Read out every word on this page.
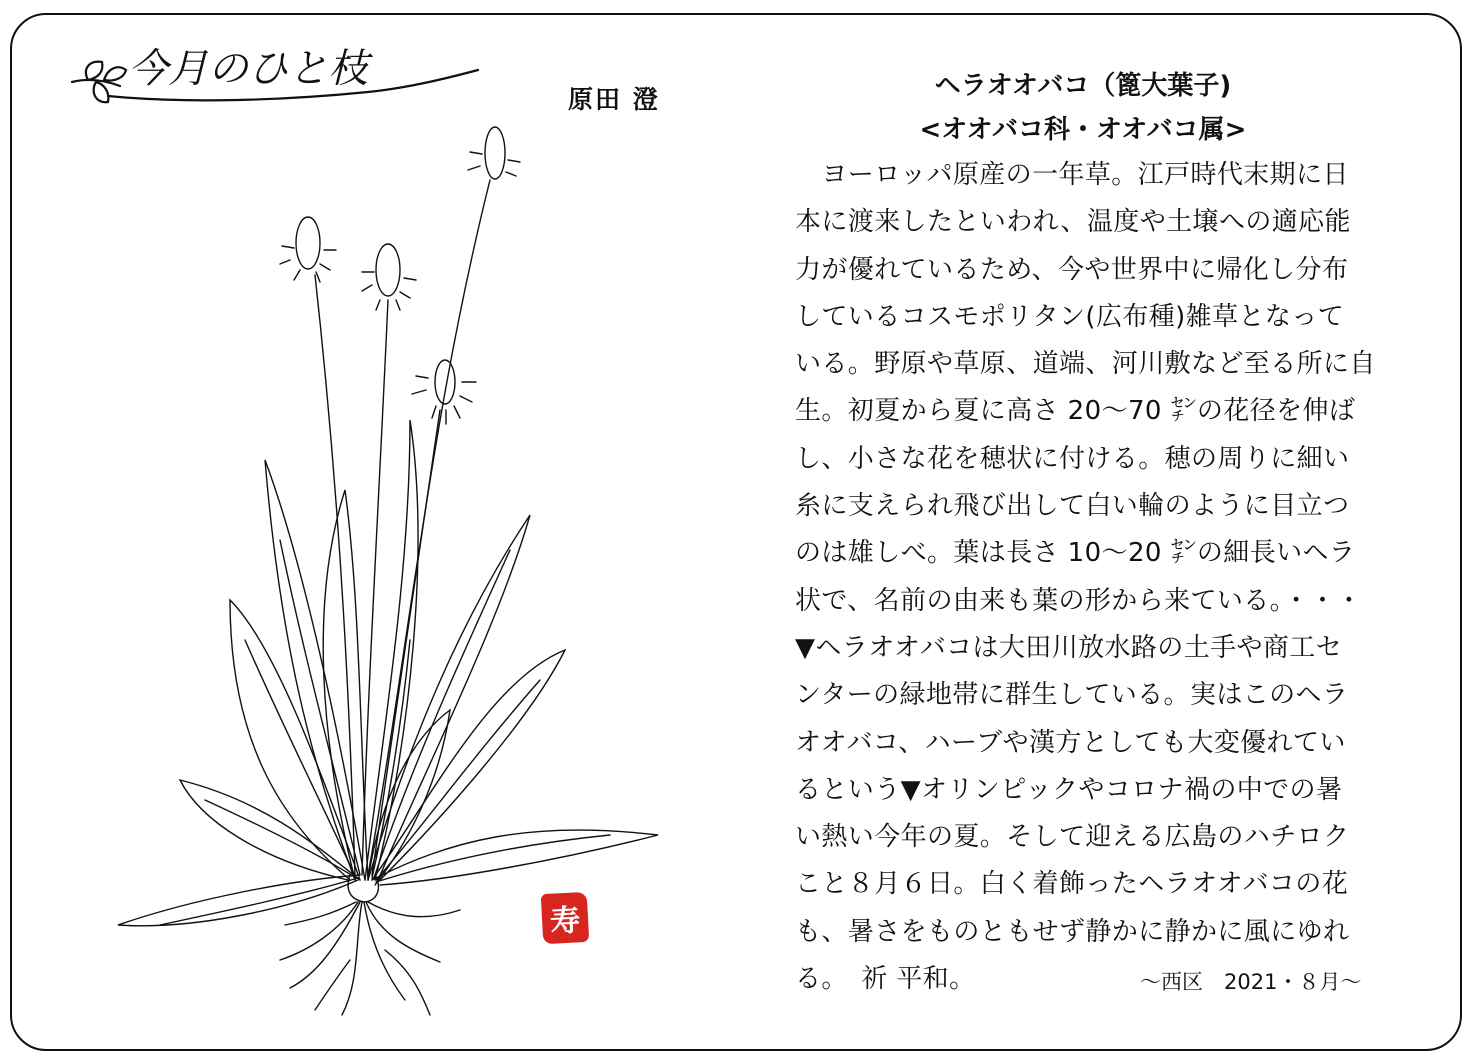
今月のひと枝
原田 澄	ヘラオオバコ（篦大葉子)
<オオバコ科・オオバコ属>
　ヨーロッパ原産の一年草。江戸時代末期に日
本に渡来したといわれ、温度や土壌への適応能
力が優れているため、今や世界中に帰化し分布
しているコスモポリタン(広布種)雑草となって
いる。野原や草原、道端、河川敷など至る所に自
生。初夏から夏に高さ 20～70 ㌢の花径を伸ば
し、小さな花を穂状に付ける。穂の周りに細い
糸に支えられ飛び出して白い輪のように目立つ
のは雄しべ。葉は長さ 10～20 ㌢の細長いヘラ
状で、名前の由来も葉の形から来ている。・・・
▼ヘラオオバコは大田川放水路の土手や商工セ
ンターの緑地帯に群生している。実はこのヘラ
オオバコ、ハーブや漢方としても大変優れてい
るという▼オリンピックやコロナ禍の中での暑
い熱い今年の夏。そして迎える広島のハチロク
こと８月６日。白く着飾ったヘラオオバコの花
も、暑さをものともせず静かに静かに風にゆれ
る。　祈 平和。	～西区　2021・８月～
寿
